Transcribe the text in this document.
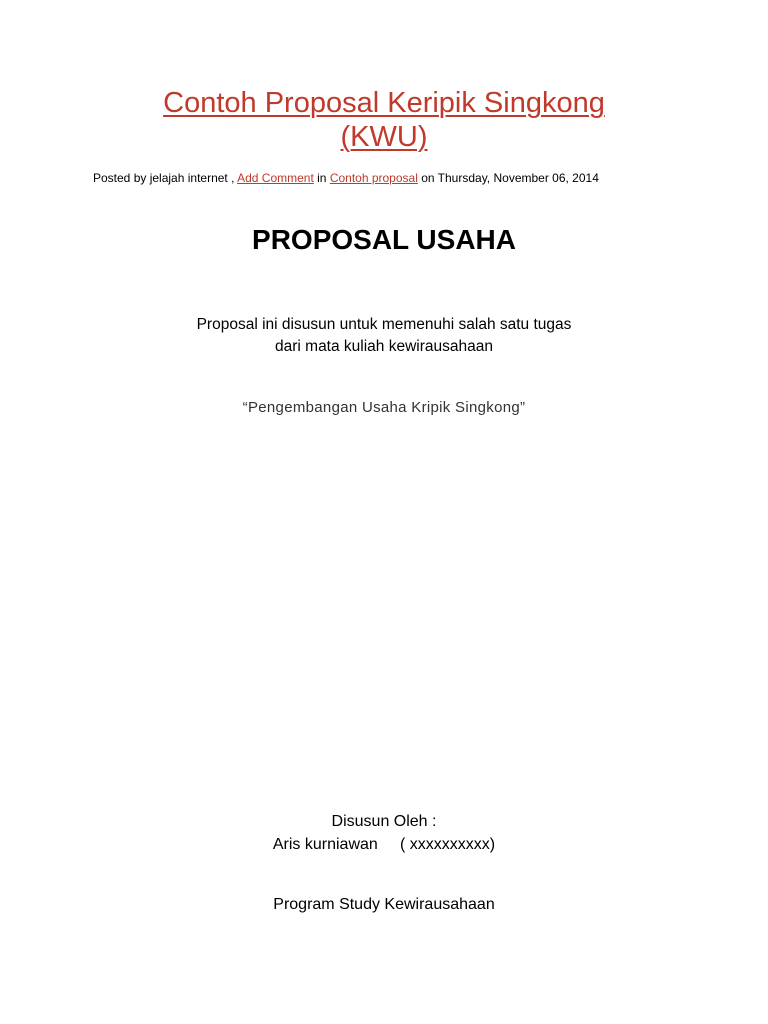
Contoh Proposal Keripik Singkong
(KWU)
Posted by jelajah internet , Add Comment in Contoh proposal on Thursday, November 06, 2014
PROPOSAL USAHA
Proposal ini disusun untuk memenuhi salah satu tugas
dari mata kuliah kewirausahaan
“Pengembangan Usaha Kripik Singkong”
Disusun Oleh :
Aris kurniawan ( xxxxxxxxxx)
Program Study Kewirausahaan
